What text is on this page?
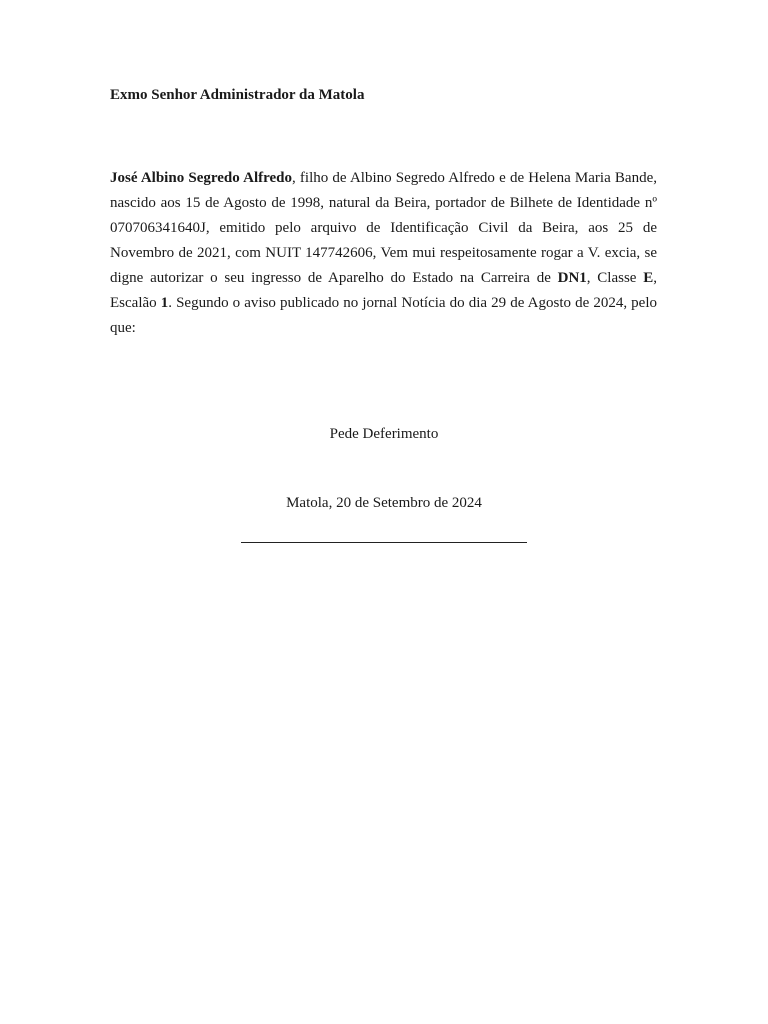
Exmo Senhor Administrador da Matola

José Albino Segredo Alfredo, filho de Albino Segredo Alfredo e de Helena Maria Bande, nascido aos 15 de Agosto de 1998, natural da Beira, portador de Bilhete de Identidade nº 070706341640J, emitido pelo arquivo de Identificação Civil da Beira, aos 25 de Novembro de 2021, com NUIT 147742606, Vem mui respeitosamente rogar a V. excia, se digne autorizar o seu ingresso de Aparelho do Estado na Carreira de DN1, Classe E, Escalão 1. Segundo o aviso publicado no jornal Notícia do dia 29 de Agosto de 2024, pelo que:

Pede Deferimento

Matola, 20 de Setembro de 2024
